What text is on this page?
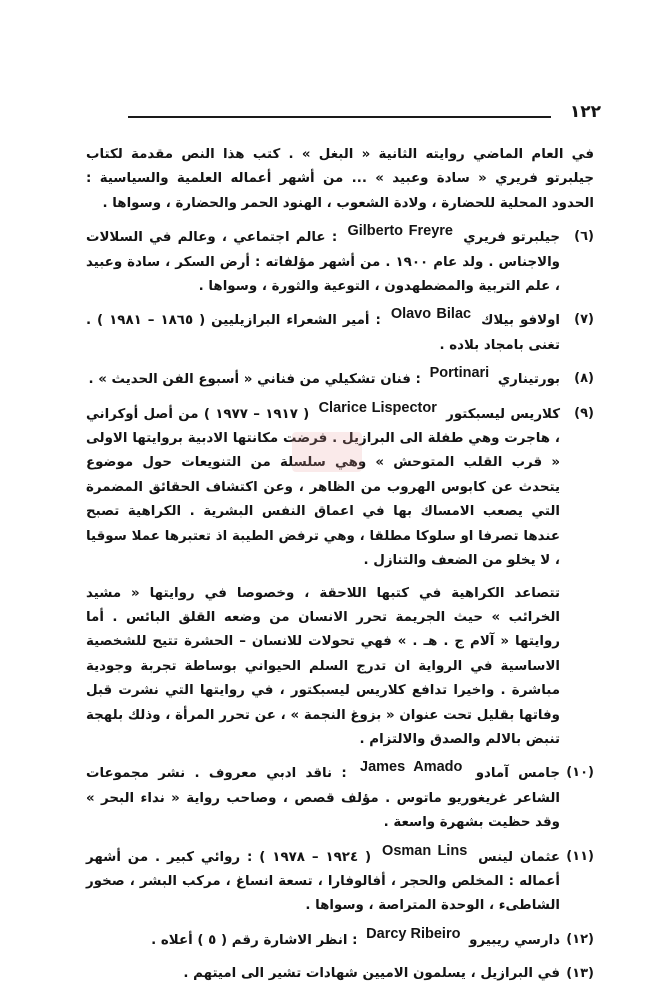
١٢٢

في العام الماضي روايته الثانية « البغل » . كتب هذا النص مقدمة لكتاب جيلبرتو فريري « سادة وعبيد » ... من أشهر أعماله العلمية والسياسية : الحدود المحلية للحضارة ، ولادة الشعوب ، الهنود الحمر والحضارة ، وسواها .

(٦)
جيلبرتو فريري Gilberto Freyre : عالم اجتماعي ، وعالم في السلالات والاجناس . ولد عام ١٩٠٠ . من أشهر مؤلفاته : أرض السكر ، سادة وعبيد ، علم التربية والمضطهدون ، التوعية والثورة ، وسواها .
(٧)
اولافو بيلاك Olavo Bilac : أمير الشعراء البرازيليين ( ١٨٦٥ – ١٩٨١ ) . تغنى بامجاد بلاده .
(٨)
بورتيناري Portinari : فنان تشكيلي من فناني « أسبوع الفن الحديث » .
(٩)
كلاريس ليسبكتور Clarice Lispector ( ١٩١٧ – ١٩٧٧ ) من أصل أوكراني ، هاجرت وهي طفلة الى البرازيل . فرضت مكانتها الادبية بروايتها الاولى « قرب القلب المتوحش » وهي سلسلة من التنويعات حول موضوع يتحدث عن كابوس الهروب من الظاهر ، وعن اكتشاف الحقائق المضمرة التي يصعب الامساك بها في اعماق النفس البشرية . الكراهية تصبح عندها تصرفا او سلوكا مطلقا ، وهي ترفض الطيبة اذ تعتبرها عملا سوقيا ، لا يخلو من الضعف والتنازل .
تتصاعد الكراهية في كتبها اللاحقة ، وخصوصا في روايتها « مشيد الخرائب » حيث الجريمة تحرر الانسان من وضعه القلق البائس . أما روايتها « آلام ج . هـ . » فهي تحولات للانسان – الحشرة تتيح للشخصية الاساسية في الرواية ان تدرج السلم الحيواني بوساطة تجربة وجودية مباشرة . واخيرا تدافع كلاريس ليسبكتور ، في روايتها التي نشرت قبل وفاتها بقليل تحت عنوان « بزوغ النجمة » ، عن تحرر المرأة ، وذلك بلهجة تنبض بالالم والصدق والالتزام .
(١٠)
جامس آمادو James Amado : ناقد ادبي معروف . نشر مجموعات الشاعر غريغوريو ماتوس . مؤلف قصص ، وصاحب رواية « نداء البحر » وقد حظيت بشهرة واسعة .
(١١)
عثمان لينس Osman Lins ( ١٩٢٤ – ١٩٧٨ ) : روائي كبير . من أشهر أعماله : المخلص والحجر ، أفالوفارا ، تسعة انساغ ، مركب البشر ، صخور الشاطىء ، الوحدة المتراصة ، وسواها .
(١٢)
دارسي ريبيرو Darcy Ribeiro : انظر الاشارة رقم ( ٥ ) أعلاه .
(١٣)
في البرازيل ، يسلمون الاميين شهادات تشير الى اميتهم .
